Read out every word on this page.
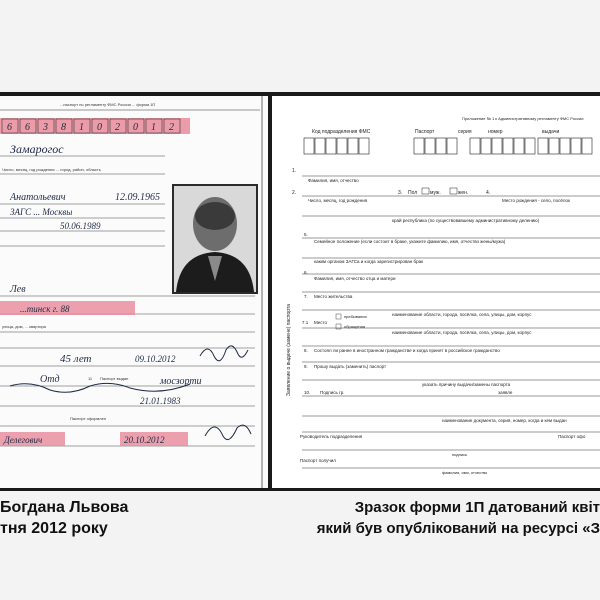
...паспорт по регламенту ФМС России ... форма 1П
6 6 3 8 1 0 2 0 1 2
Замарогос
Число, месяц, год рождения ... город, район, область
Анатольевич	12.09.1965
ЗАГС ... Москвы
50.06.1989
Лев
...тинск г. 88
улица, дом, ... квартира
45 лет	09.10.2012
Отд	11 Паспорт выдан	мосзорти
21.01.1983
Паспорт оформлен
Делегович	20.10.2012
Приложение № 1 к Административному регламенту ФМС России
Код подразделения ФМС	Паспорт	серия	номер	выдачи
Заявление о выдаче (замене) паспорта
1.
Фамилия, имя, отчество
2.
Число, месяц, год рождения
3. Пол	муж.	жен.	4.
Место рождения - село, посёлок
край республика (по существовавшему административному делению)
5.
Семейное положение (если состоит в браке, укажите фамилию, имя, отчество жены/мужа)
каким органом ЗАГСа и когда зарегистрирован брак
6.
Фамилия, имя, отчество отца и матери
7. Место жительства
наименование области, города, посёлка, села, улицы, дом, корпус
7.1 Место
пребывания
обращения
наименование области, города, посёлка, села, улицы, дом, корпус
8. Состоял ли ранее в иностранном гражданстве и когда принят в российское гражданство
9. Прошу выдать (заменить) паспорт
указать причину выдачи/замены паспорта
10. Подпись гр.	заявле
наименование документа, серия, номер, когда и кем выдан
Руководитель подразделения	Паспорт офо
подпись
Паспорт получил
фамилия, имя, отчество
Богдана Львова
тня 2012 року
Зразок форми 1П датований квіт
який був опублікований на ресурсі «З
